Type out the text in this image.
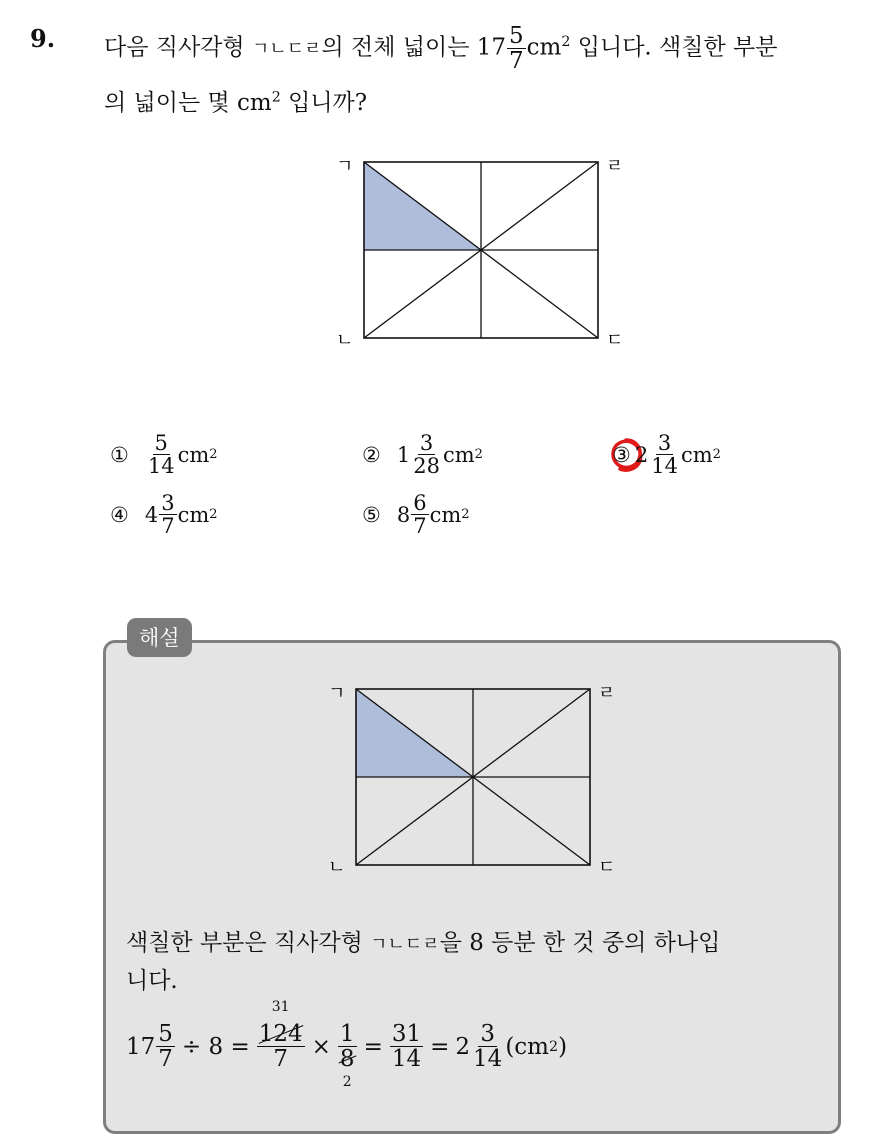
9. 다음 직사각형 ㄱㄴㄷㄹ의 전체 넓이는 $17 \frac{5}{7} cm^2$ 입니다. 색칠한 부분
의 넓이는 몇 $cm^2$ 입니까?
ㄱ	ㄹ
ㄴ	ㄷ
① $\frac{5}{14}$ cm 2	② $1 \frac{3}{28}$ cm 2	③ $2 \frac{3}{14}$ cm 2
④ $4 \frac{3}{7}$ cm 2	⑤ $8 \frac{6}{7}$ cm 2
해설
ㄱ	ㄹ
ㄴ	ㄷ
색칠한 부분은 직사각형 ㄱㄴㄷㄹ을 8 등분 한 것 중의 하나입
니다.
$17 \frac{5}{7} \div 8 = 31$
124
7 × 1
8
$2 = \frac{31}{14} = 2 \frac{3}{14} (cm$ 2 )
